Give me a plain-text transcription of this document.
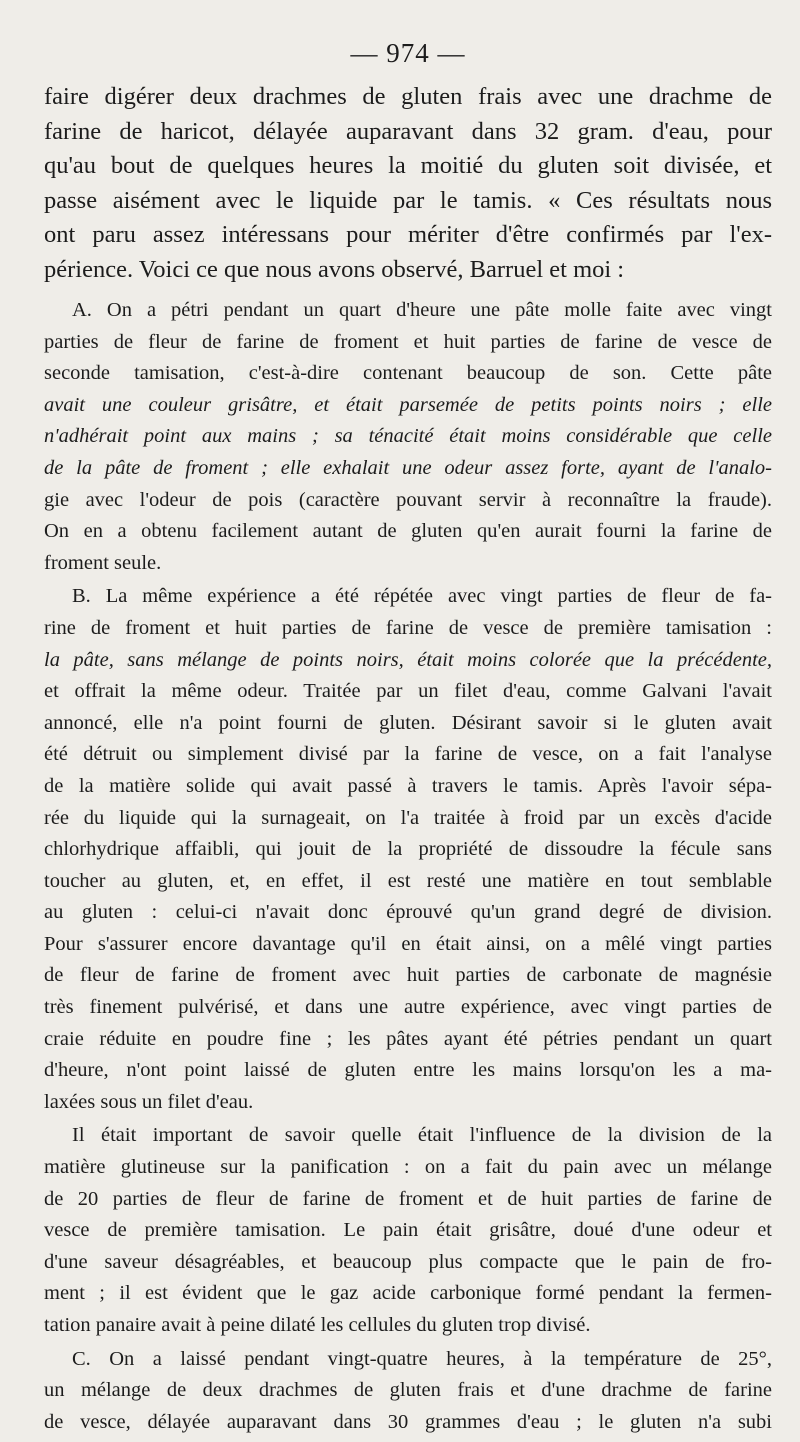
— 974 —
faire digérer deux drachmes de gluten frais avec une drachme de
farine de haricot, délayée auparavant dans 32 gram. d'eau, pour
qu'au bout de quelques heures la moitié du gluten soit divisée, et
passe aisément avec le liquide par le tamis. « Ces résultats nous
ont paru assez intéressans pour mériter d'être confirmés par l'ex-
périence. Voici ce que nous avons observé, Barruel et moi :
A. On a pétri pendant un quart d'heure une pâte molle faite avec vingt
parties de fleur de farine de froment et huit parties de farine de vesce de
seconde tamisation, c'est-à-dire contenant beaucoup de son. Cette pâte
avait une couleur grisâtre, et était parsemée de petits points noirs ; elle
n'adhérait point aux mains ; sa ténacité était moins considérable que celle
de la pâte de froment ; elle exhalait une odeur assez forte, ayant de l'analo-
gie avec l'odeur de pois (caractère pouvant servir à reconnaître la fraude).
On en a obtenu facilement autant de gluten qu'en aurait fourni la farine de
froment seule.
B. La même expérience a été répétée avec vingt parties de fleur de fa-
rine de froment et huit parties de farine de vesce de première tamisation :
la pâte, sans mélange de points noirs, était moins colorée que la précédente,
et offrait la même odeur. Traitée par un filet d'eau, comme Galvani l'avait
annoncé, elle n'a point fourni de gluten. Désirant savoir si le gluten avait
été détruit ou simplement divisé par la farine de vesce, on a fait l'analyse
de la matière solide qui avait passé à travers le tamis. Après l'avoir sépa-
rée du liquide qui la surnageait, on l'a traitée à froid par un excès d'acide
chlorhydrique affaibli, qui jouit de la propriété de dissoudre la fécule sans
toucher au gluten, et, en effet, il est resté une matière en tout semblable
au gluten : celui-ci n'avait donc éprouvé qu'un grand degré de division.
Pour s'assurer encore davantage qu'il en était ainsi, on a mêlé vingt parties
de fleur de farine de froment avec huit parties de carbonate de magnésie
très finement pulvérisé, et dans une autre expérience, avec vingt parties de
craie réduite en poudre fine ; les pâtes ayant été pétries pendant un quart
d'heure, n'ont point laissé de gluten entre les mains lorsqu'on les a ma-
laxées sous un filet d'eau.
Il était important de savoir quelle était l'influence de la division de la
matière glutineuse sur la panification : on a fait du pain avec un mélange
de 20 parties de fleur de farine de froment et de huit parties de farine de
vesce de première tamisation. Le pain était grisâtre, doué d'une odeur et
d'une saveur désagréables, et beaucoup plus compacte que le pain de fro-
ment ; il est évident que le gaz acide carbonique formé pendant la fermen-
tation panaire avait à peine dilaté les cellules du gluten trop divisé.
C. On a laissé pendant vingt-quatre heures, à la température de 25°,
un mélange de deux drachmes de gluten frais et d'une drachme de farine
de vesce, délayée auparavant dans 30 grammes d'eau ; le gluten n'a subi
